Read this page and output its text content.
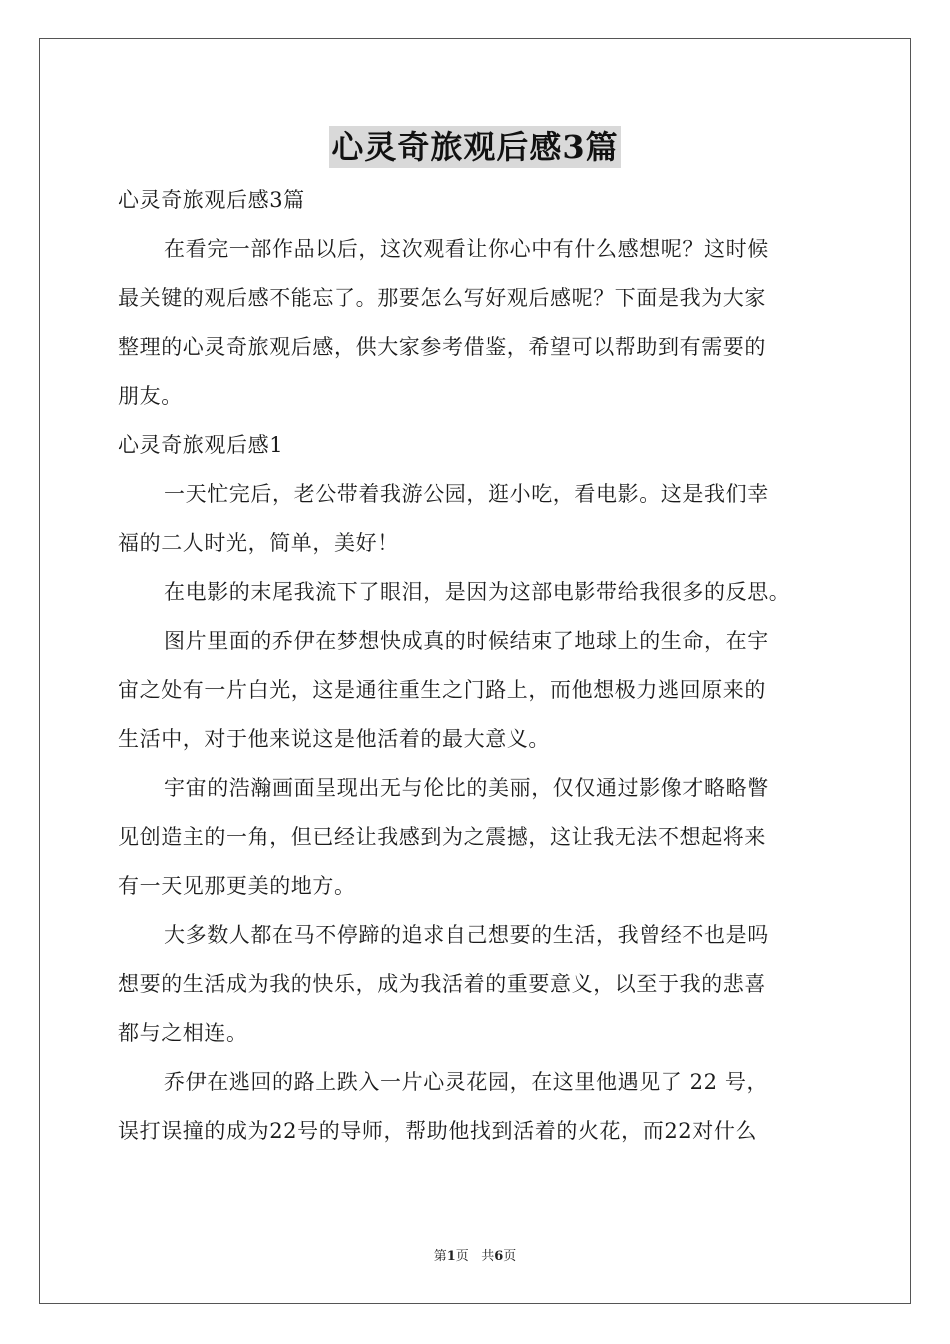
心灵奇旅观后感3篇
心灵奇旅观后感3篇
在看完一部作品以后，这次观看让你心中有什么感想呢？这时候
最关键的观后感不能忘了。那要怎么写好观后感呢？下面是我为大家
整理的心灵奇旅观后感，供大家参考借鉴，希望可以帮助到有需要的
朋友。
心灵奇旅观后感1
一天忙完后，老公带着我游公园，逛小吃，看电影。这是我们幸
福的二人时光，简单，美好！
在电影的末尾我流下了眼泪，是因为这部电影带给我很多的反思。
图片里面的乔伊在梦想快成真的时候结束了地球上的生命，在宇
宙之处有一片白光，这是通往重生之门路上，而他想极力逃回原来的
生活中，对于他来说这是他活着的最大意义。
宇宙的浩瀚画面呈现出无与伦比的美丽，仅仅通过影像才略略瞥
见创造主的一角，但已经让我感到为之震撼，这让我无法不想起将来
有一天见那更美的地方。
大多数人都在马不停蹄的追求自己想要的生活，我曾经不也是吗
想要的生活成为我的快乐，成为我活着的重要意义，以至于我的悲喜
都与之相连。
乔伊在逃回的路上跌入一片心灵花园，在这里他遇见了 22 号，
误打误撞的成为22号的导师，帮助他找到活着的火花，而22对什么
第1页 共6页
